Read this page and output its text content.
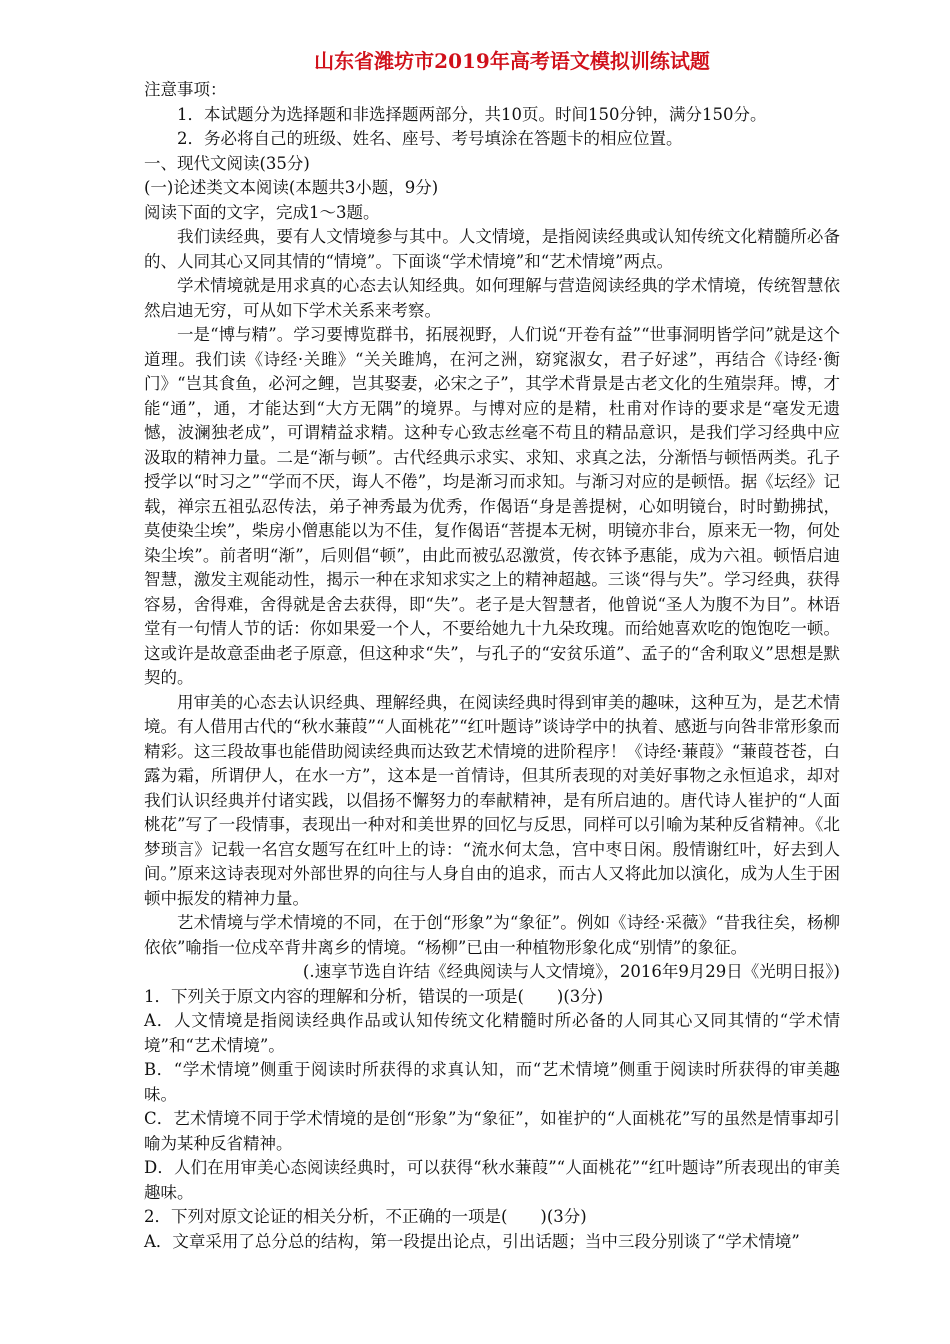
山东省潍坊市2019年高考语文模拟训练试题

注意事项：

1．本试题分为选择题和非选择题两部分，共10页。时间150分钟，满分150分。

2．务必将自己的班级、姓名、座号、考号填涂在答题卡的相应位置。

一、现代文阅读(35分)

(一)论述类文本阅读(本题共3小题，9分)

阅读下面的文字，完成1～3题。

我们读经典，要有人文情境参与其中。人文情境，是指阅读经典或认知传统文化精髓所必备的、人同其心又同其情的“情境”。下面谈“学术情境”和“艺术情境”两点。

学术情境就是用求真的心态去认知经典。如何理解与营造阅读经典的学术情境，传统智慧依然启迪无穷，可从如下学术关系来考察。

一是“博与精”。学习要博览群书，拓展视野，人们说“开卷有益”“世事洞明皆学问”就是这个道理。我们读《诗经·关雎》“关关雎鸠，在河之洲，窈窕淑女，君子好逑”，再结合《诗经·衡门》“岂其食鱼，必河之鲤，岂其娶妻，必宋之子”，其学术背景是古老文化的生殖崇拜。博，才能“通”，通，才能达到“大方无隅”的境界。与博对应的是精，杜甫对作诗的要求是“毫发无遗憾，波澜独老成”，可谓精益求精。这种专心致志丝毫不苟且的精品意识，是我们学习经典中应汲取的精神力量。二是“渐与顿”。古代经典示求实、求知、求真之法，分渐悟与顿悟两类。孔子授学以“时习之”“学而不厌，诲人不倦”，均是渐习而求知。与渐习对应的是顿悟。据《坛经》记载，禅宗五祖弘忍传法，弟子神秀最为优秀，作偈语“身是善提树，心如明镜台，时时勤拂拭，莫使染尘埃”，柴房小僧惠能以为不佳，复作偈语“菩提本无树，明镜亦非台，原来无一物，何处染尘埃”。前者明“渐”，后则倡“顿”，由此而被弘忍激赏，传衣钵予惠能，成为六祖。顿悟启迪智慧，激发主观能动性，揭示一种在求知求实之上的精神超越。三谈“得与失”。学习经典，获得容易，舍得难，舍得就是舍去获得，即“失”。老子是大智慧者，他曾说“圣人为腹不为目”。林语堂有一句情人节的话：你如果爱一个人，不要给她九十九朵玫瑰。而给她喜欢吃的饱饱吃一顿。这或许是故意歪曲老子原意，但这种求“失”，与孔子的“安贫乐道”、孟子的“舍利取义”思想是默契的。

用审美的心态去认识经典、理解经典，在阅读经典时得到审美的趣味，这种互为，是艺术情境。有人借用古代的“秋水蒹葭”“人面桃花”“红叶题诗”谈诗学中的执着、感逝与向咎非常形象而精彩。这三段故事也能借助阅读经典而达致艺术情境的进阶程序！《诗经·蒹葭》“蒹葭苍苍，白露为霜，所谓伊人，在水一方”，这本是一首情诗，但其所表现的对美好事物之永恒追求，却对我们认识经典并付诸实践，以倡扬不懈努力的奉献精神，是有所启迪的。唐代诗人崔护的“人面桃花”写了一段情事，表现出一种对和美世界的回忆与反思，同样可以引喻为某种反省精神。《北梦琐言》记载一名宫女题写在红叶上的诗：“流水何太急，宫中枣日闲。殷情谢红叶，好去到人间。”原来这诗表现对外部世界的向往与人身自由的追求，而古人又将此加以演化，成为人生于困顿中振发的精神力量。

艺术情境与学术情境的不同，在于创“形象”为“象征”。例如《诗经·采薇》“昔我往矣，杨柳依依”喻指一位戍卒背井离乡的情境。“杨柳”已由一种植物形象化成“别情”的象征。

(.速享节选自许结《经典阅读与人文情境》，2016年9月29日《光明日报》)

1．下列关于原文内容的理解和分析，错误的一项是(　　)(3分)

A．人文情境是指阅读经典作品或认知传统文化精髓时所必备的人同其心又同其情的“学术情境”和“艺术情境”。

B．“学术情境”侧重于阅读时所获得的求真认知，而“艺术情境”侧重于阅读时所获得的审美趣味。

C．艺术情境不同于学术情境的是创“形象”为“象征”，如崔护的“人面桃花”写的虽然是情事却引喻为某种反省精神。

D．人们在用审美心态阅读经典时，可以获得“秋水蒹葭”“人面桃花”“红叶题诗”所表现出的审美趣味。

2．下列对原文论证的相关分析，不正确的一项是(　　)(3分)

A．文章采用了总分总的结构，第一段提出论点，引出话题；当中三段分别谈了“学术情境”
